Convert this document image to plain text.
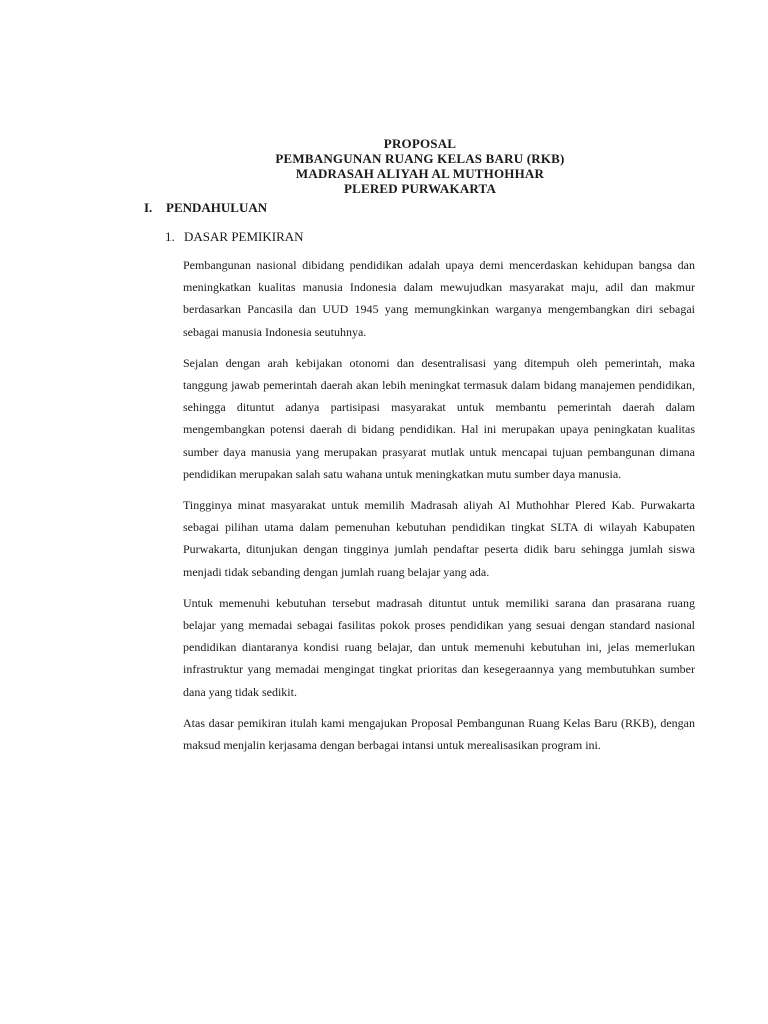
PROPOSAL
PEMBANGUNAN RUANG KELAS BARU (RKB)
MADRASAH ALIYAH AL MUTHOHHAR
PLERED PURWAKARTA
I. PENDAHULUAN
1. DASAR PEMIKIRAN

Pembangunan nasional dibidang pendidikan adalah upaya demi mencerdaskan kehidupan bangsa dan meningkatkan kualitas manusia Indonesia dalam mewujudkan masyarakat maju, adil dan makmur berdasarkan Pancasila dan UUD 1945 yang memungkinkan warganya mengembangkan diri sebagai sebagai manusia Indonesia seutuhnya.

Sejalan dengan arah kebijakan otonomi dan desentralisasi yang ditempuh oleh pemerintah, maka tanggung jawab pemerintah daerah akan lebih meningkat termasuk dalam bidang manajemen pendidikan, sehingga dituntut adanya partisipasi masyarakat untuk membantu pemerintah daerah dalam mengembangkan potensi daerah di bidang pendidikan. Hal ini merupakan upaya peningkatan kualitas sumber daya manusia yang merupakan prasyarat mutlak untuk mencapai tujuan pembangunan dimana pendidikan merupakan salah satu wahana untuk meningkatkan mutu sumber daya manusia.

Tingginya minat masyarakat untuk memilih Madrasah aliyah Al Muthohhar Plered Kab. Purwakarta sebagai pilihan utama dalam pemenuhan kebutuhan pendidikan tingkat SLTA di wilayah Kabupaten Purwakarta, ditunjukan dengan tingginya jumlah pendaftar peserta didik baru sehingga jumlah siswa menjadi tidak sebanding dengan jumlah ruang belajar yang ada.

Untuk memenuhi kebutuhan tersebut madrasah dituntut untuk memiliki sarana dan prasarana ruang belajar yang memadai sebagai fasilitas pokok proses pendidikan yang sesuai dengan standard nasional pendidikan diantaranya kondisi ruang belajar, dan untuk memenuhi kebutuhan ini, jelas memerlukan infrastruktur yang memadai mengingat tingkat prioritas dan kesegeraannya yang membutuhkan sumber dana yang tidak sedikit.

Atas dasar pemikiran itulah kami mengajukan Proposal Pembangunan Ruang Kelas Baru (RKB), dengan maksud menjalin kerjasama dengan berbagai intansi untuk merealisasikan program ini.
